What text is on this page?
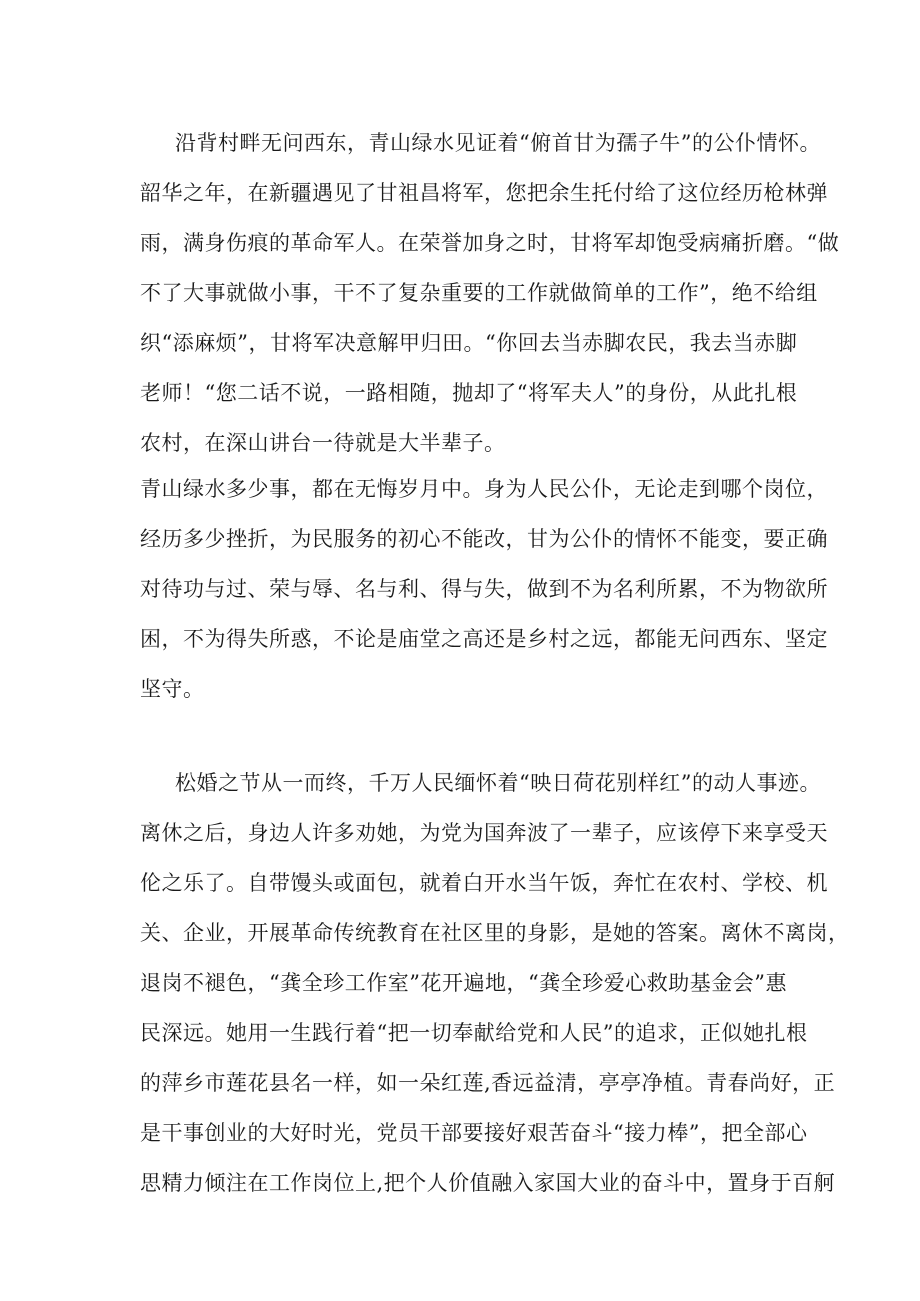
沿背村畔无问西东，青山绿水见证着“俯首甘为孺子牛”的公仆情怀。
韶华之年，在新疆遇见了甘祖昌将军，您把余生托付给了这位经历枪林弹
雨，满身伤痕的革命军人。在荣誉加身之时，甘将军却饱受病痛折磨。“做
不了大事就做小事，干不了复杂重要的工作就做简单的工作”，绝不给组
织“添麻烦”，甘将军决意解甲归田。“你回去当赤脚农民，我去当赤脚
老师！“您二话不说，一路相随，抛却了“将军夫人”的身份，从此扎根
农村，在深山讲台一待就是大半辈子。
青山绿水多少事，都在无悔岁月中。身为人民公仆，无论走到哪个岗位，
经历多少挫折，为民服务的初心不能改，甘为公仆的情怀不能变，要正确
对待功与过、荣与辱、名与利、得与失，做到不为名利所累，不为物欲所
困，不为得失所惑，不论是庙堂之高还是乡村之远，都能无问西东、坚定
坚守。
松婚之节从一而终，千万人民缅怀着“映日荷花别样红”的动人事迹。
离休之后，身边人许多劝她，为党为国奔波了一辈子，应该停下来享受天
伦之乐了。自带馒头或面包，就着白开水当午饭，奔忙在农村、学校、机
关、企业，开展革命传统教育在社区里的身影，是她的答案。离休不离岗，
退岗不褪色，“龚全珍工作室”花开遍地，“龚全珍爱心救助基金会”惠
民深远。她用一生践行着“把一切奉献给党和人民”的追求，正似她扎根
的萍乡市莲花县名一样，如一朵红莲,香远益清，亭亭净植。青春尚好，正
是干事创业的大好时光，党员干部要接好艰苦奋斗“接力棒”，把全部心
思精力倾注在工作岗位上,把个人价值融入家国大业的奋斗中，置身于百舸
